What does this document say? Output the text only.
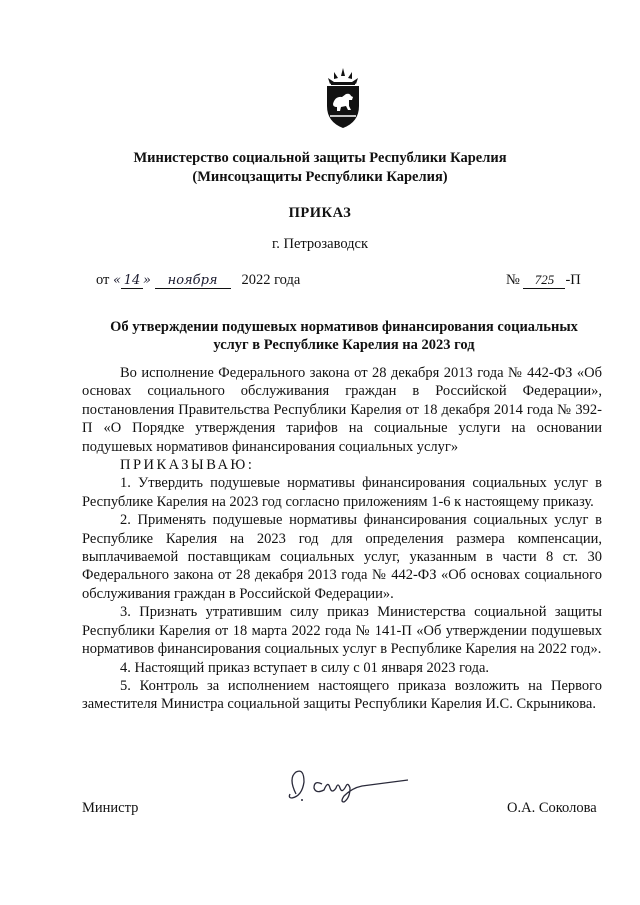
Министерство социальной защиты Республики Карелия
(Минсоцзащиты Республики Карелия)
ПРИКАЗ
г. Петрозаводск
от « 14 » ноября 2022 года	№ 725 -П
Об утверждении подушевых нормативов финансирования социальных
услуг в Республике Карелия на 2023 год

Во исполнение Федерального закона от 28 декабря 2013 года № 442-ФЗ «Об основах социального обслуживания граждан в Российской Федерации», постановления Правительства Республики Карелия от 18 декабря 2014 года № 392-П «О Порядке утверждения тарифов на социальные услуги на основании подушевых нормативов финансирования социальных услуг»

ПРИКАЗЫВАЮ:

1. Утвердить подушевые нормативы финансирования социальных услуг в Республике Карелия на 2023 год согласно приложениям 1-6 к настоящему приказу.

2. Применять подушевые нормативы финансирования социальных услуг в Республике Карелия на 2023 год для определения размера компенсации, выплачиваемой поставщикам социальных услуг, указанным в части 8 ст. 30 Федерального закона от 28 декабря 2013 года № 442-ФЗ «Об основах социального обслуживания граждан в Российской Федерации».

3. Признать утратившим силу приказ Министерства социальной защиты Республики Карелия от 18 марта 2022 года № 141-П «Об утверждении подушевых нормативов финансирования социальных услуг в Республике Карелия на 2022 год».

4. Настоящий приказ вступает в силу с 01 января 2023 года.

5. Контроль за исполнением настоящего приказа возложить на Первого заместителя Министра социальной защиты Республики Карелия И.С. Скрыникова.

Министр	О.А. Соколова
